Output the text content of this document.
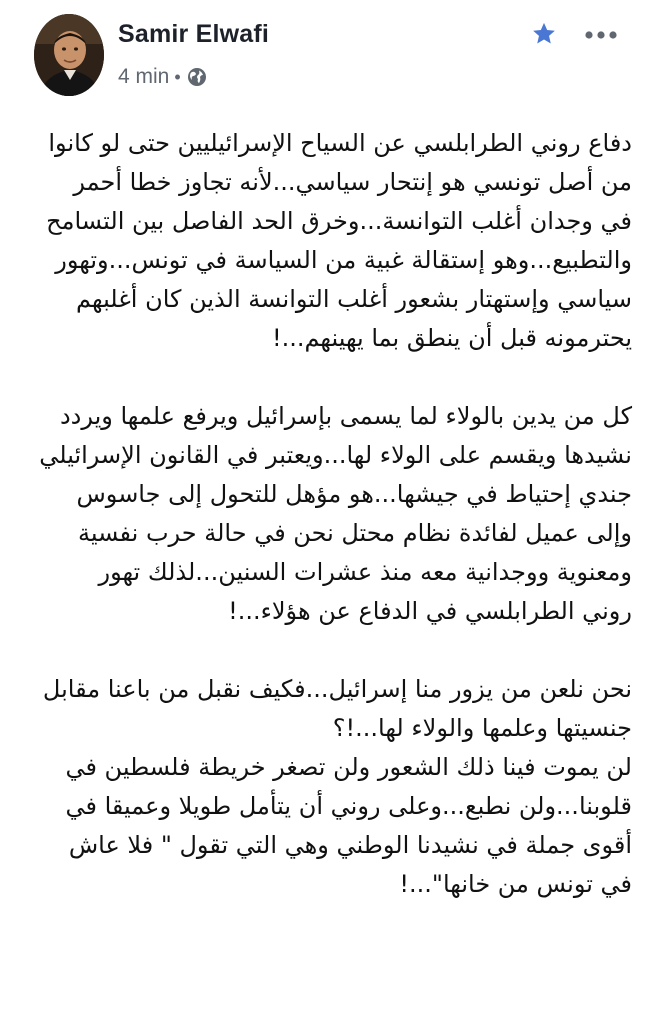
Samir Elwafi
4 min •

دفاع روني الطرابلسي عن السياح الإسرائيليين حتى لو كانوا
من أصل تونسي هو إنتحار سياسي...لأنه تجاوز خطا أحمر
في وجدان أغلب التوانسة...وخرق الحد الفاصل بين التسامح
والتطبيع...وهو إستقالة غبية من السياسة في تونس...وتهور
سياسي وإستهتار بشعور أغلب التوانسة الذين كان أغلبهم
يحترمونه قبل أن ينطق بما يهينهم...!

كل من يدين بالولاء لما يسمى بإسرائيل ويرفع علمها ويردد
نشيدها ويقسم على الولاء لها...ويعتبر في القانون الإسرائيلي
جندي إحتياط في جيشها...هو مؤهل للتحول إلى جاسوس
وإلى عميل لفائدة نظام محتل نحن في حالة حرب نفسية
ومعنوية ووجدانية معه منذ عشرات السنين...لذلك تهور
روني الطرابلسي في الدفاع عن هؤلاء...!

نحن نلعن من يزور منا إسرائيل...فكيف نقبل من باعنا مقابل
جنسيتها وعلمها والولاء لها...!؟
لن يموت فينا ذلك الشعور ولن تصغر خريطة فلسطين في
قلوبنا...ولن نطبع...وعلى روني أن يتأمل طويلا وعميقا في
أقوى جملة في نشيدنا الوطني وهي التي تقول " فلا عاش
في تونس من خانها"...!
